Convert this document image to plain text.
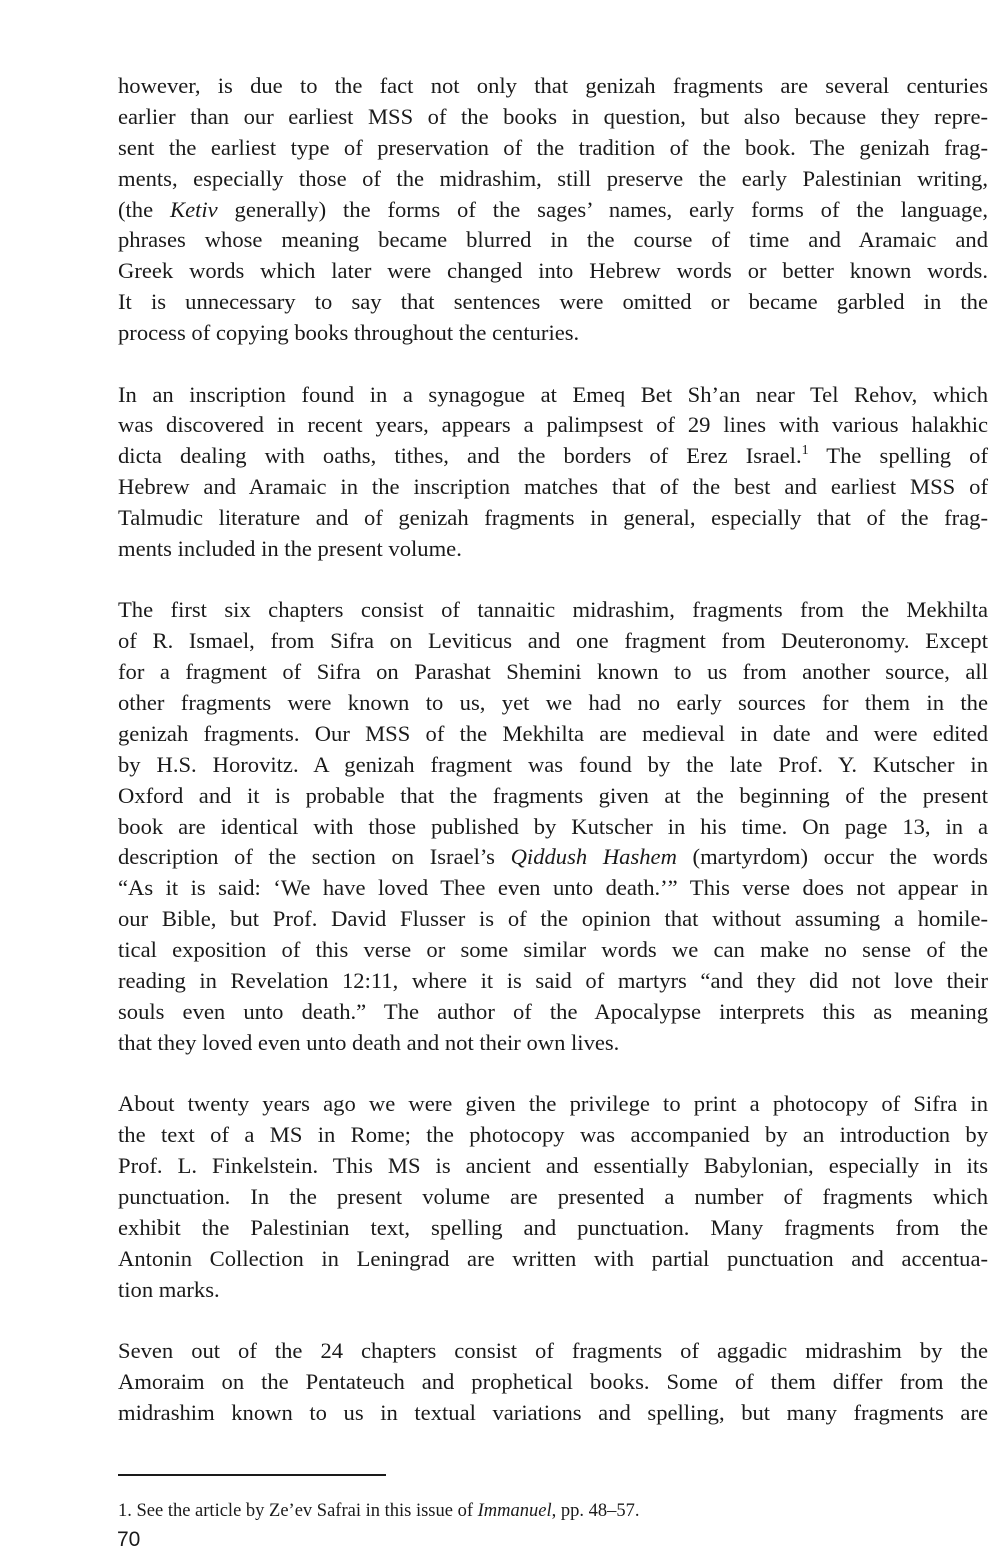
however, is due to the fact not only that genizah fragments are several centuries
earlier than our earliest MSS of the books in question, but also because they repre-
sent the earliest type of preservation of the tradition of the book. The genizah frag-
ments, especially those of the midrashim, still preserve the early Palestinian writing,
(the Ketiv generally) the forms of the sages’ names, early forms of the language,
phrases whose meaning became blurred in the course of time and Aramaic and
Greek words which later were changed into Hebrew words or better known words.
It is unnecessary to say that sentences were omitted or became garbled in the
process of copying books throughout the centuries.
In an inscription found in a synagogue at Emeq Bet Sh’an near Tel Rehov, which
was discovered in recent years, appears a palimpsest of 29 lines with various halakhic
dicta dealing with oaths, tithes, and the borders of Erez Israel.$^1$ The spelling of
Hebrew and Aramaic in the inscription matches that of the best and earliest MSS of
Talmudic literature and of genizah fragments in general, especially that of the frag-
ments included in the present volume.
The first six chapters consist of tannaitic midrashim, fragments from the Mekhilta
of R. Ismael, from Sifra on Leviticus and one fragment from Deuteronomy. Except
for a fragment of Sifra on Parashat Shemini known to us from another source, all
other fragments were known to us, yet we had no early sources for them in the
genizah fragments. Our MSS of the Mekhilta are medieval in date and were edited
by H.S. Horovitz. A genizah fragment was found by the late Prof. Y. Kutscher in
Oxford and it is probable that the fragments given at the beginning of the present
book are identical with those published by Kutscher in his time. On page 13, in a
description of the section on Israel’s Qiddush Hashem (martyrdom) occur the words
“As it is said: ‘We have loved Thee even unto death.’” This verse does not appear in
our Bible, but Prof. David Flusser is of the opinion that without assuming a homile-
tical exposition of this verse or some similar words we can make no sense of the
reading in Revelation 12:11, where it is said of martyrs “and they did not love their
souls even unto death.” The author of the Apocalypse interprets this as meaning
that they loved even unto death and not their own lives.
About twenty years ago we were given the privilege to print a photocopy of Sifra in
the text of a MS in Rome; the photocopy was accompanied by an introduction by
Prof. L. Finkelstein. This MS is ancient and essentially Babylonian, especially in its
punctuation. In the present volume are presented a number of fragments which
exhibit the Palestinian text, spelling and punctuation. Many fragments from the
Antonin Collection in Leningrad are written with partial punctuation and accentua-
tion marks.
Seven out of the 24 chapters consist of fragments of aggadic midrashim by the
Amoraim on the Pentateuch and prophetical books. Some of them differ from the
midrashim known to us in textual variations and spelling, but many fragments are
1. See the article by Ze’ev Safrai in this issue of Immanuel, pp. 48–57.
70
